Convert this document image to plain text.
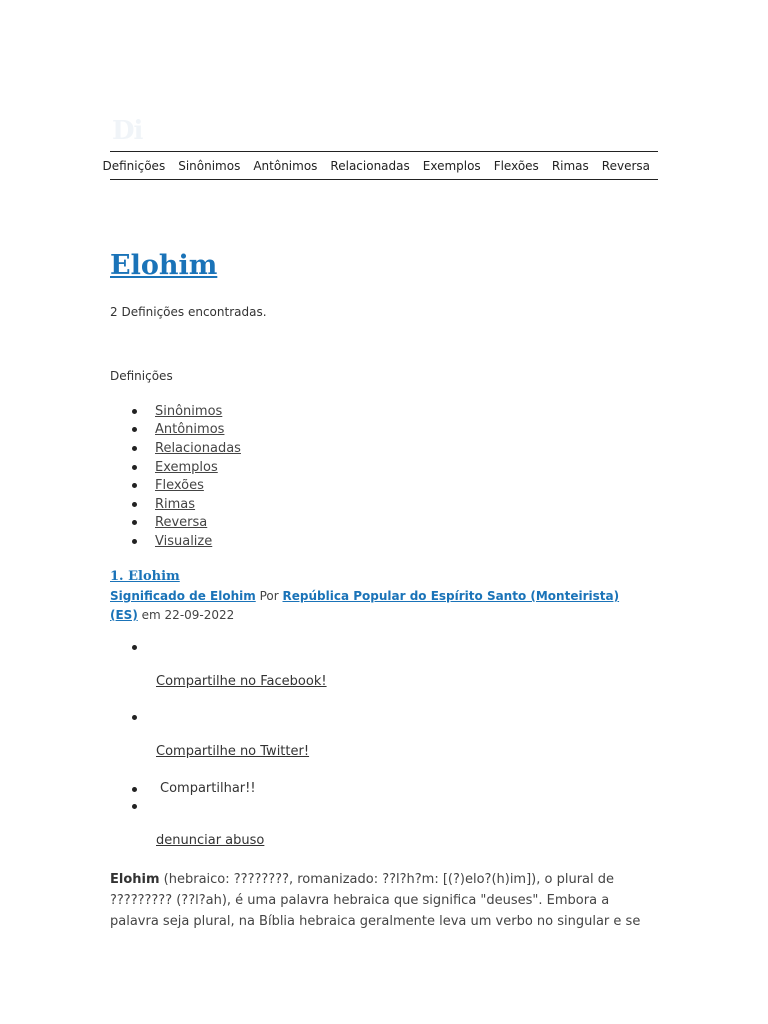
Di
Definições Sinônimos Antônimos Relacionadas Exemplos Flexões Rimas Reversa
Elohim
2 Definições encontradas.
Definições
Sinônimos
Antônimos
Relacionadas
Exemplos
Flexões
Rimas
Reversa
Visualize
1. Elohim
Significado de Elohim Por República Popular do Espírito Santo (Monteirista) (ES) em 22-09-2022
Compartilhe no Facebook!
Compartilhe no Twitter!
Compartilhar!!
denunciar abuso
Elohim (hebraico: ????????, romanizado: ??l?h?m: [(?)elo?(h)im]), o plural de ????????? (??l?ah), é uma palavra hebraica que significa "deuses". Embora a palavra seja plural, na Bíblia hebraica geralmente leva um verbo no singular e se
